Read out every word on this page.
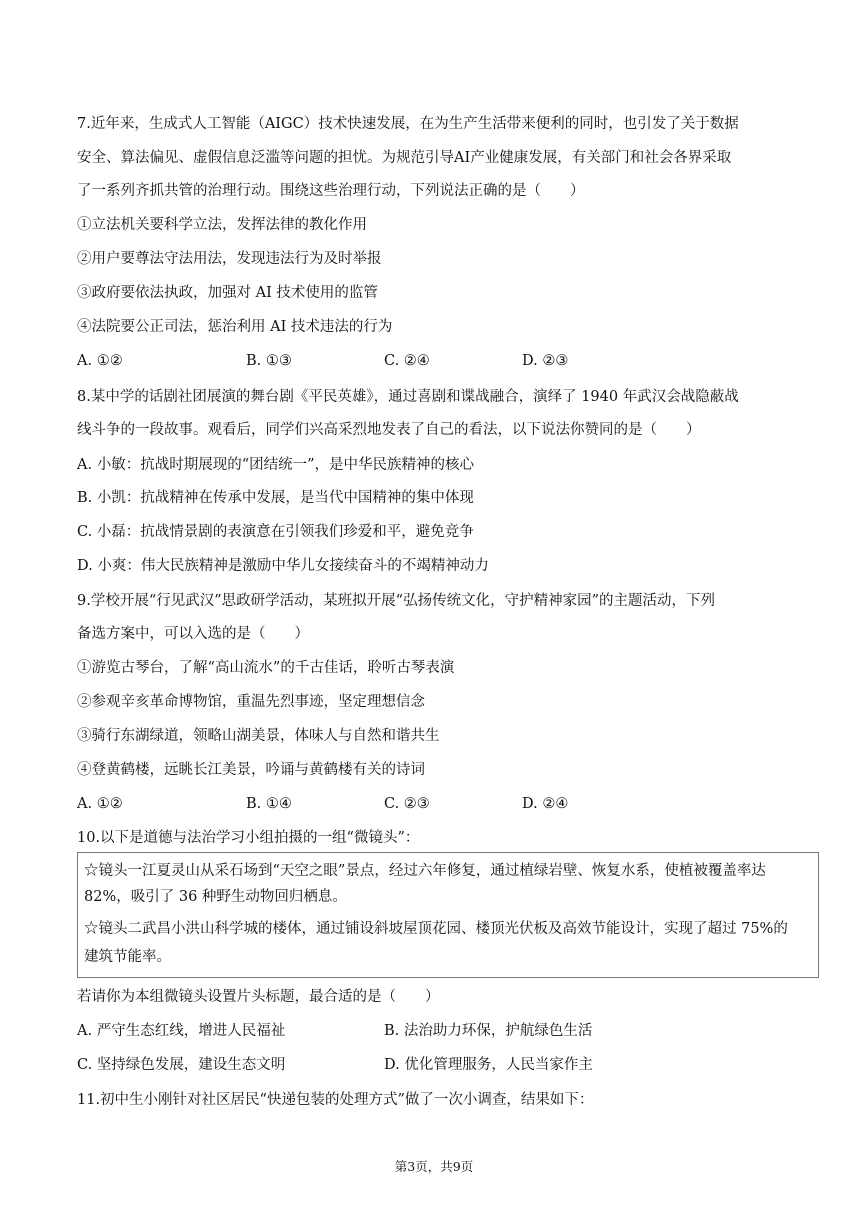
7.近年来，生成式人工智能（AIGC）技术快速发展，在为生产生活带来便利的同时，也引发了关于数据
安全、算法偏见、虚假信息泛滥等问题的担忧。为规范引导AI产业健康发展，有关部门和社会各界采取
了一系列齐抓共管的治理行动。围绕这些治理行动，下列说法正确的是（　　）
①立法机关要科学立法，发挥法律的教化作用
②用户要尊法守法用法，发现违法行为及时举报
③政府要依法执政，加强对 AI 技术使用的监管
④法院要公正司法，惩治利用 AI 技术违法的行为
A. ①②	B. ①③	C. ②④	D. ②③
8.某中学的话剧社团展演的舞台剧《平民英雄》，通过喜剧和谍战融合，演绎了 1940 年武汉会战隐蔽战
线斗争的一段故事。观看后，同学们兴高采烈地发表了自己的看法，以下说法你赞同的是（　　）
A. 小敏：抗战时期展现的“团结统一”，是中华民族精神的核心
B. 小凯：抗战精神在传承中发展，是当代中国精神的集中体现
C. 小磊：抗战情景剧的表演意在引领我们珍爱和平，避免竞争
D. 小爽：伟大民族精神是激励中华儿女接续奋斗的不竭精神动力
9.学校开展“行见武汉”思政研学活动，某班拟开展“弘扬传统文化，守护精神家园”的主题活动，下列
备选方案中，可以入选的是（　　）
①游览古琴台，了解“高山流水”的千古佳话，聆听古琴表演
②参观辛亥革命博物馆，重温先烈事迹，坚定理想信念
③骑行东湖绿道，领略山湖美景，体味人与自然和谐共生
④登黄鹤楼，远眺长江美景，吟诵与黄鹤楼有关的诗词
A. ①②	B. ①④	C. ②③	D. ②④
10.以下是道德与法治学习小组拍摄的一组“微镜头”：
☆镜头一江夏灵山从采石场到“天空之眼”景点，经过六年修复，通过植绿岩壁、恢复水系，使植被覆盖率达
82%，吸引了 36 种野生动物回归栖息。
☆镜头二武昌小洪山科学城的楼体，通过铺设斜坡屋顶花园、楼顶光伏板及高效节能设计，实现了超过 75%的
建筑节能率。
若请你为本组微镜头设置片头标题，最合适的是（　　）
A. 严守生态红线，增进人民福祉	B. 法治助力环保，护航绿色生活
C. 坚持绿色发展，建设生态文明	D. 优化管理服务，人民当家作主
11.初中生小刚针对社区居民“快递包装的处理方式”做了一次小调查，结果如下：
第3页，共9页
